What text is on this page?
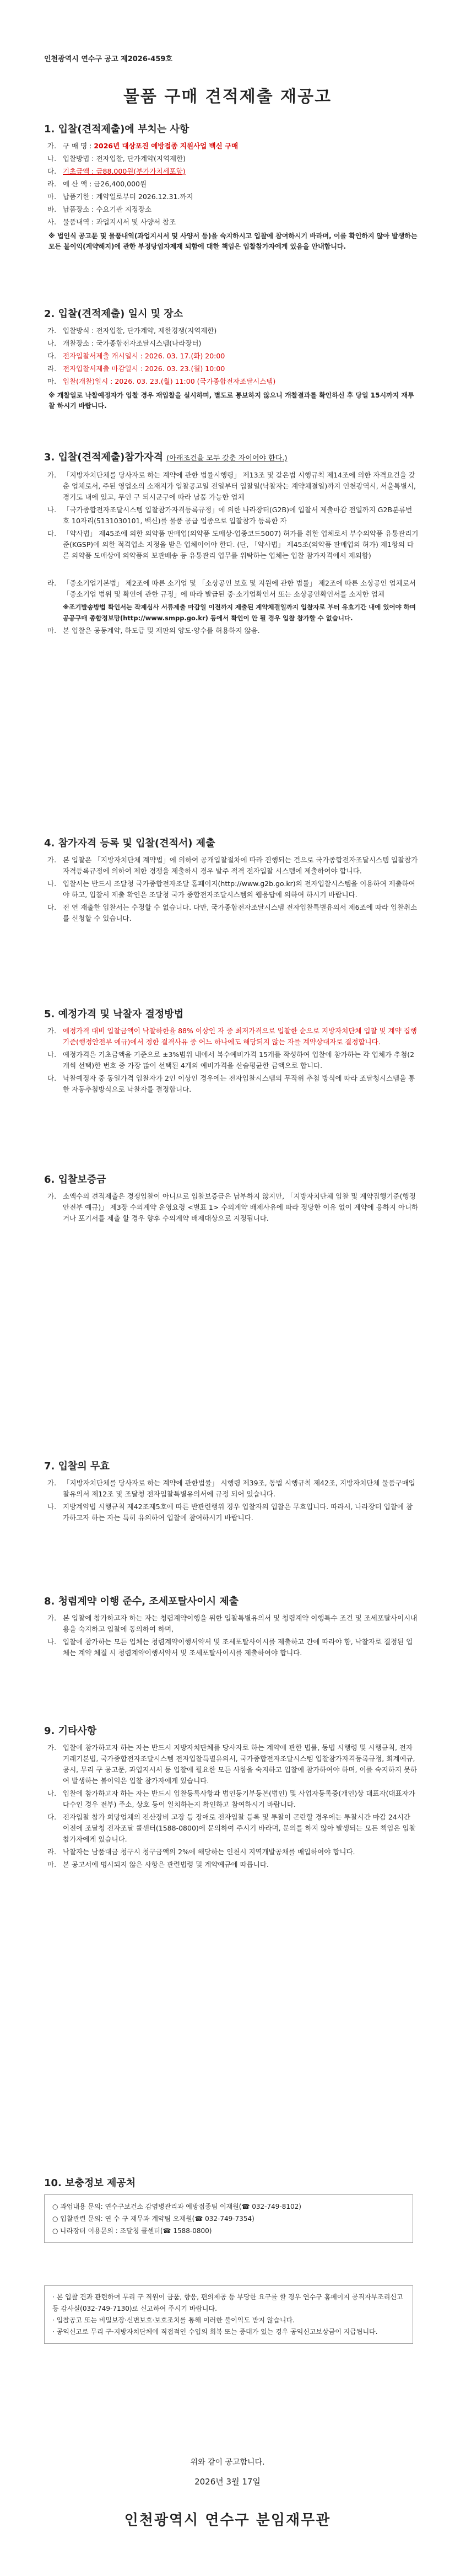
인천광역시 연수구 공고 제2026-459호
물품 구매 견적제출 재공고
1. 입찰(견적제출)에 부치는 사항
가. 구 매 명 : 2026년 대상포진 예방접종 지원사업 백신 구매
나. 입찰방법 : 전자입찰, 단가계약(지역제한)
다. 기초금액 : 금88,000원(부가가치세포함)
라. 예 산 액 : 금26,400,000원
마. 납품기한 : 계약일로부터 2026.12.31.까지
바. 납품장소 : 수요기관 지정장소
사. 물품내역 : 과업지시서 및 사양서 참조
※ 법인식 공고문 및 물품내역(과업지시서 및 사양서 등)을 숙지하시고 입찰에 참여하시기 바라며, 이를 확인하지 않아 발생하는 모든 불이익(계약해지)에 관한 부정당업자제재 되함에 대한 책임은 입찰참가자에게 있음을 안내합니다.
2. 입찰(견적제출) 일시 및 장소
가. 입찰방식 : 전자입찰, 단가계약, 제한경쟁(지역제한)
나. 개찰장소 : 국가종합전자조달시스템(나라장터)
다. 전자입찰서제출 개시일시 : 2026. 03. 17.(화) 20:00
라. 전자입찰서제출 마감일시 : 2026. 03. 23.(월) 10:00
마. 입찰(개찰)일시 : 2026. 03. 23.(월) 11:00 (국가종합전자조달시스템)
※ 개찰일로 낙찰예정자가 입찰 경우 재입찰을 실시하며, 별도로 통보하지 않으니 개찰결과를 확인하신 후 당일 15시까지 재투찰 하시기 바랍니다.
3. 입찰(견적제출)참가자격 (아래조건을 모두 갖춘 자이어야 한다.)
가. 「지방자치단체를 당사자로 하는 계약에 관한 법률시행령」 제13조 및 같은법 시행규칙 제14조에 의한 자격요건을 갖춘 업체로서, 주된 영업소의 소재지가 입찰공고일 전일부터 입찰일(낙찰자는 계약체결일)까지 인천광역시, 서울특별시, 경기도 내에 있고, 무인 구 되시군구에 따라 남품 가능한 업체
나. 「국가종합전자조달시스템 입찰참가자격등록규정」에 의한 나라장터(G2B)에 입찰서 제출마감 전일까지 G2B분류번호 10자리(5131030101, 백신)를 물품 공급 업종으로 입찰참가 등록한 자
다. 「약사법」 제45조에 의한 의약품 판매업(의약품 도매상·업종코드5007) 허가를 취한 업체로서 부수의약품 유통관리기준(KGSP)에 의한 적격업소 지정을 받은 업체이어야 한다. (단, 「약사법」 제45조(의약품 판매업의 허가) 제1항의 다른 의약품 도매상에 의약품의 보관배송 등 유통관리 업무를 위탁하는 업체는 입찰 참가자격에서 제외함)
라. 「중소기업기본법」 제2조에 따른 소기업 및 「소상공인 보호 및 지원에 관한 법률」 제2조에 따른 소상공인 업체로서 「중소기업 범위 및 확인에 관한 규정」에 따라 발급된 중·소기업확인서 또는 소상공인확인서를 소지한 업체
※조기발송방법 확인서는 작제심사 서류제출 마감일 이전까지 제출된 계약체결일까지 입찰자로 부터 유효기간 내에 있어야 하며 공공구매 종합정보망(http://www.smpp.go.kr) 등에서 확인이 안 될 경우 입찰 참가할 수 없습니다.
마. 본 입찰은 공동계약, 하도급 및 재판의 양도·양수를 허용하지 않음.
4. 참가자격 등록 및 입찰(견적서) 제출
가. 본 입찰은 「지방자치단체 계약법」에 의하여 공개입찰절차에 따라 진행되는 건으로 국가종합전자조달시스템 입찰참가자격등록규정에 의하여 제한 경쟁을 제출하시 경우 발주 적격 전자입찰 시스템에 제출하여야 합니다.
나. 입찰서는 반드시 조달청 국가종합전자조달 홈페이지(http://www.g2b.go.kr)의 전자입찰시스템을 이용하여 제출하여야 하고, 입찰서 제출 확인은 조달청 국가 종합전자조달시스템의 웹응답에 의하여 하시기 바랍니다.
다. 전 연 재출한 입찰서는 수정할 수 없습니다. 다만, 국가종합전자조달시스템 전자입찰특별유의서 제6조에 따라 입찰취소를 신청할 수 있습니다.
5. 예정가격 및 낙찰자 결정방법
가. 예정가격 대비 입찰금액이 낙찰하한율 88% 이상인 자 중 최저가격으로 입찰한 순으로 지방자치단체 입찰 및 계약 집행기준(행정안전부 예규)에서 정한 결격사유 중 어느 하나에도 해당되지 않는 자를 계약상대자로 결정합니다.
나. 예정가격은 기초금액을 기준으로 ±3%범위 내에서 복수예비가격 15개를 작성하여 입찰에 참가하는 각 업체가 추첨(2개씩 선택)한 번호 중 가장 많이 선택된 4개의 예비가격을 산술평균한 금액으로 합니다.
다. 낙찰예정자 중 동일가격 입찰자가 2인 이상인 경우에는 전자입찰시스템의 무작위 추첨 방식에 따라 조달청시스템을 통한 자동추첨방식으로 낙찰자를 결정합니다.
6. 입찰보증금
가. 소액수의 견적제출은 경쟁입찰이 아니므로 입찰보증금은 납부하지 않지만, 「지방자치단체 입찰 및 계약집행기준(행정안전부 예규)」 제3장 수의계약 운영요령 <별표 1> 수의계약 배제사유에 따라 정당한 이유 없이 계약에 응하지 아니하거나 포기서를 제출 할 경우 향후 수의계약 배제대상으로 지정됩니다.
7. 입찰의 무효
가. 「지방자치단체를 당사자로 하는 계약에 관한법률」 시행령 제39조, 동법 시행규칙 제42조, 지방자치단체 물품구매입찰유의서 제12조 및 조달청 전자입찰특별유의서에 규정 되어 있습니다.
나. 지방계약법 시행규칙 제42조제5호에 따른 반관련행위 경우 입찰자의 입찰은 무효입니다. 따라서, 나라장터 입찰에 참가하고자 하는 자는 특히 유의하여 입찰에 참여하시기 바랍니다.
8. 청렴계약 이행 준수, 조세포탈사이시 제출
가. 본 입찰에 참가하고자 하는 자는 청렴계약이행을 위한 입찰특별유의서 및 청렴계약 이행특수 조건 및 조세포탈사이시내용을 숙지하고 입찰에 동의하여 하며,
나. 입찰에 참가하는 모든 업체는 청렴계약이행서약서 및 조세포탈사이시를 제출하고 간에 따라야 함, 낙찰자로 결정된 업체는 계약 체결 시 청렴계약이행서약서 및 조세포탈사이시를 제출하여야 합니다.
9. 기타사항
가. 입찰에 참가하고자 하는 자는 반드시 지방자치단체를 당사자로 하는 계약에 관한 법률, 동법 시행령 및 시행규칙, 전자거래기본법, 국가종합전자조달시스템 전자입찰특별유의서, 국가종합전자조달시스템 입찰참가자격등록규정, 회계예규, 공시, 무리 구 공고문, 과업지시서 등 입찰에 필요한 모든 사항을 숙지하고 입찰에 참가하여야 하며, 이를 숙지하지 못하여 발생하는 불이익은 입찰 참가자에게 있습니다.
나. 입찰에 참가하고자 하는 자는 반드시 입찰등록사항과 법인등기부등본(법인) 및 사업자등록증(개인)상 대표자(대표자가 다수인 경우 전부) 주소, 상호 등이 일치하는지 확인하고 참여하시기 바랍니다.
다. 전자입찰 참가 희망업체의 전산장비 고장 등 장애로 전자입찰 등록 및 투찰이 곤란할 경우에는 투찰시간 마감 24시간 이전에 조달청 전자조달 콜센터(1588-0800)에 문의하여 주시기 바라며, 문의를 하지 않아 발생되는 모든 책임은 입찰참가자에게 있습니다.
라. 낙찰자는 남품대금 청구시 청구금액의 2%에 해당하는 인천시 지역개발공채를 매입하여야 합니다.
마. 본 공고서에 명시되지 않은 사항은 관련법령 및 계약예규에 따릅니다.
10. 보충정보 제공처
○ 과업내용 문의: 연수구보건소 감염병관리과 예방접종팀 이재원(☎ 032-749-8102)
○ 입찰관련 문의: 연 수 구 재무과 계약팀 오재원(☎ 032-749-7354)
○ 나라장터 이용문의 : 조달청 콜센터(☎ 1588-0800)
· 본 입찰 건과 관련하여 무리 구 직원이 금품, 향응, 편의제공 등 부당한 요구를 할 경우 연수구 홈페이지 공직자부조리신고 등 감사실(032-749-7130)로 신고하여 주시기 바랍니다.
· 입찰공고 또는 비밀보장·신변보호·보호조치를 통해 이러한 불이익도 받지 않습니다.
· 공익신고로 무리 구·지방자치단체에 직접적인 수입의 회복 또는 증대가 있는 경우 공익신고보상금이 지급됩니다.
위와 같이 공고합니다.
2026년 3월 17일
인천광역시 연수구 분임재무관
